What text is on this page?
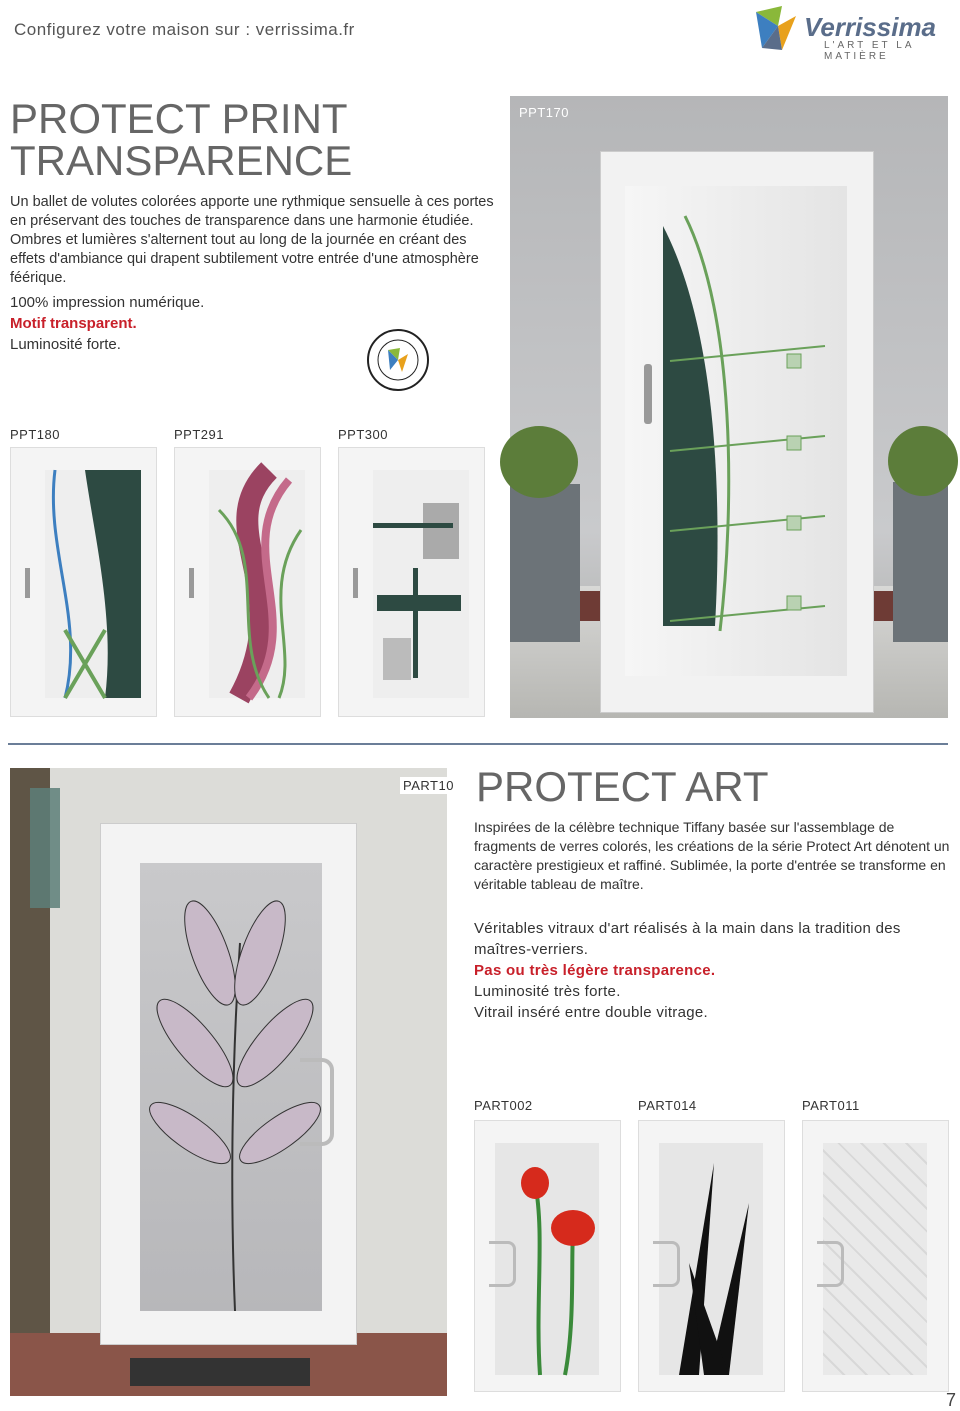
Configurez votre maison sur : verrissima.fr	Verrissima
L'ART ET LA MATIÈRE
PROTECT PRINT
TRANSPARENCE
Un ballet de volutes colorées apporte une rythmique sensuelle à ces portes en préservant des touches de transparence dans une harmonie étudiée. Ombres et lumières s'alternent tout au long de la journée en créant des effets d'ambiance qui drapent subtilement votre entrée d'une atmosphère féérique.
100% impression numérique.
Motif transparent.
Luminosité forte.
PPT170
PPT180	PPT291	PPT300
PART10 PROTECT ART
Inspirées de la célèbre technique Tiffany basée sur l'assemblage de fragments de verres colorés, les créations de la série Protect Art dénotent un caractère prestigieux et raffiné. Sublimée, la porte d'entrée se transforme en véritable tableau de maître.
Véritables vitraux d'art réalisés à la main dans la tradition des maîtres-verriers.
Pas ou très légère transparence.
Luminosité très forte.
Vitrail inséré entre double vitrage.
PART002	PART014	PART011
7
